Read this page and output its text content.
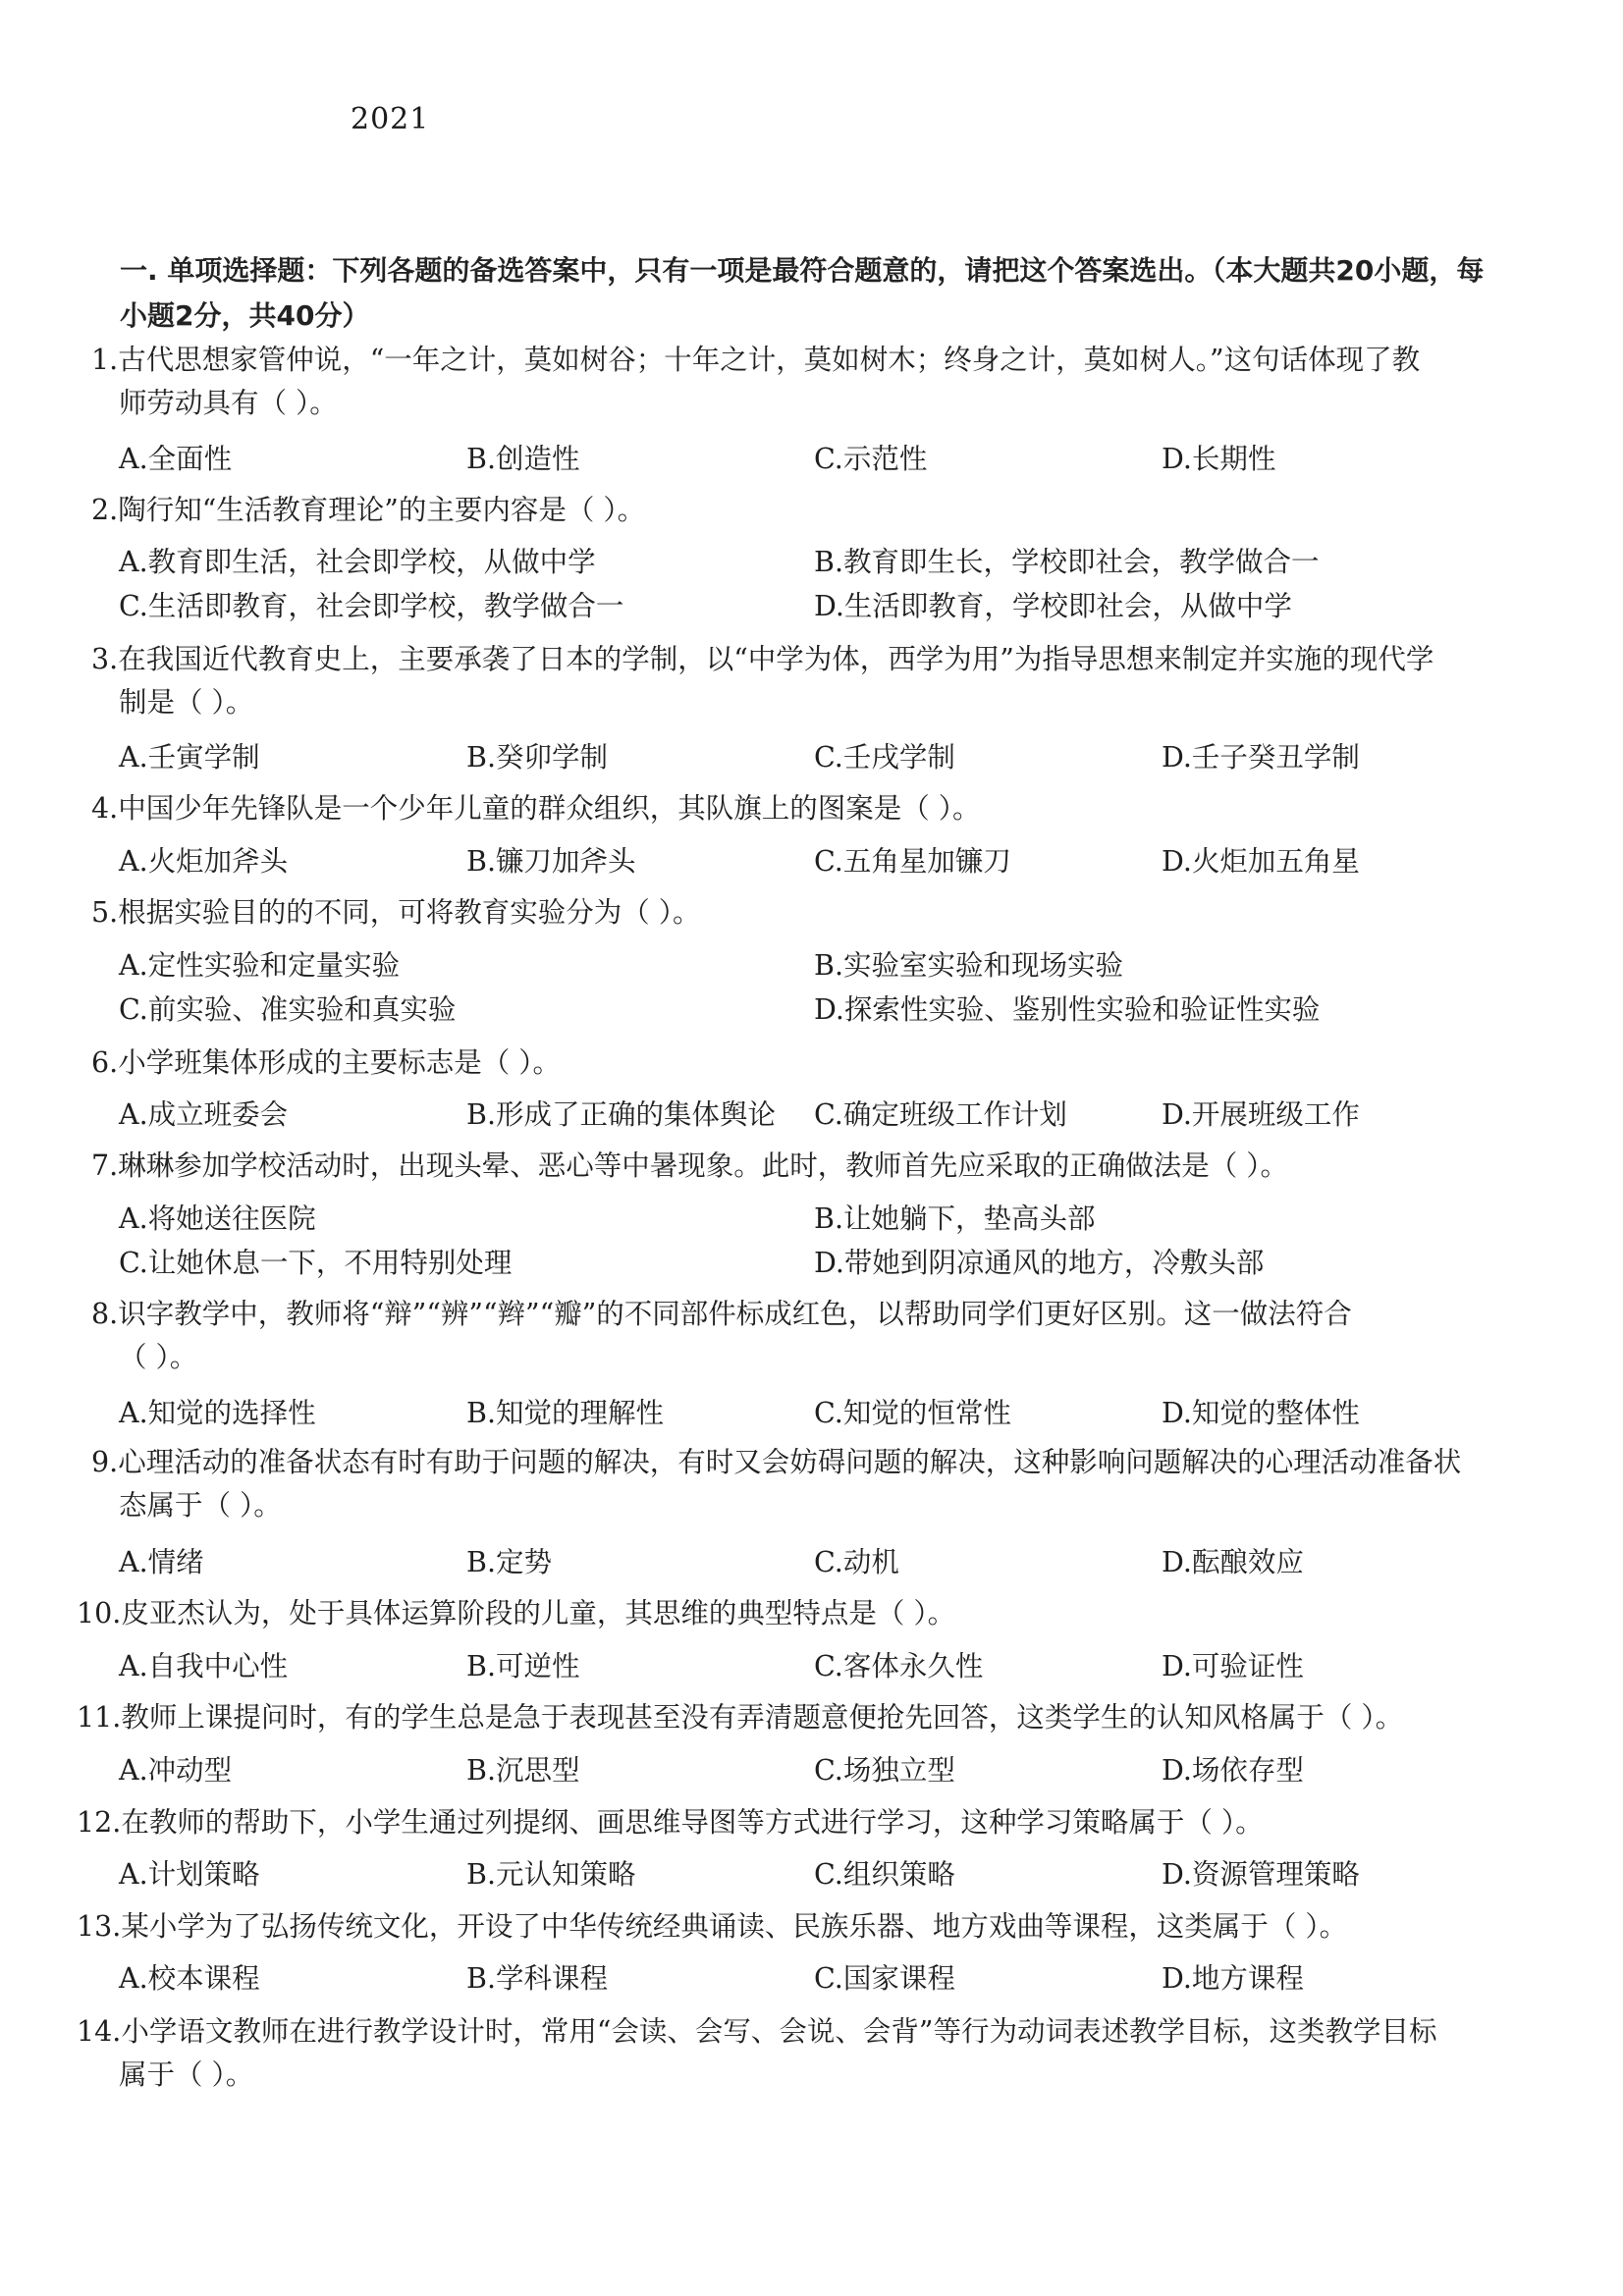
2021
一. 单项选择题：下列各题的备选答案中，只有一项是最符合题意的，请把这个答案选出。（本大题共20小题，每小题2分，共40分）
1.古代思想家管仲说，“一年之计，莫如树谷；十年之计，莫如树木；终身之计，莫如树人。”这句话体现了教
师劳动具有（ ）。
A.全面性	B.创造性	C.示范性	D.长期性
2.陶行知“生活教育理论”的主要内容是（ ）。
A.教育即生活，社会即学校，从做中学	B.教育即生长，学校即社会，教学做合一
C.生活即教育，社会即学校，教学做合一	D.生活即教育，学校即社会，从做中学
3.在我国近代教育史上，主要承袭了日本的学制，以“中学为体，西学为用”为指导思想来制定并实施的现代学
制是（ ）。
A.壬寅学制	B.癸卯学制	C.壬戌学制	D.壬子癸丑学制
4.中国少年先锋队是一个少年儿童的群众组织，其队旗上的图案是（ ）。
A.火炬加斧头	B.镰刀加斧头	C.五角星加镰刀	D.火炬加五角星
5.根据实验目的的不同，可将教育实验分为（ ）。
A.定性实验和定量实验	B.实验室实验和现场实验
C.前实验、准实验和真实验	D.探索性实验、鉴别性实验和验证性实验
6.小学班集体形成的主要标志是（ ）。
A.成立班委会	B.形成了正确的集体舆论 C.确定班级工作计划	D.开展班级工作
7.琳琳参加学校活动时，出现头晕、恶心等中暑现象。此时，教师首先应采取的正确做法是（ ）。
A.将她送往医院	B.让她躺下，垫高头部
C.让她休息一下，不用特别处理	D.带她到阴凉通风的地方，冷敷头部
8.识字教学中，教师将“辩”“辨”“辫”“瓣”的不同部件标成红色，以帮助同学们更好区别。这一做法符合
（ ）。
A.知觉的选择性	B.知觉的理解性	C.知觉的恒常性	D.知觉的整体性
9.心理活动的准备状态有时有助于问题的解决，有时又会妨碍问题的解决，这种影响问题解决的心理活动准备状
态属于（ ）。
A.情绪	B.定势	C.动机	D.酝酿效应
10.皮亚杰认为，处于具体运算阶段的儿童，其思维的典型特点是（ ）。
A.自我中心性	B.可逆性	C.客体永久性	D.可验证性
11.教师上课提问时，有的学生总是急于表现甚至没有弄清题意便抢先回答，这类学生的认知风格属于（ ）。
A.冲动型	B.沉思型	C.场独立型	D.场依存型
12.在教师的帮助下，小学生通过列提纲、画思维导图等方式进行学习，这种学习策略属于（ ）。
A.计划策略	B.元认知策略	C.组织策略	D.资源管理策略
13.某小学为了弘扬传统文化，开设了中华传统经典诵读、民族乐器、地方戏曲等课程，这类属于（ ）。
A.校本课程	B.学科课程	C.国家课程	D.地方课程
14.小学语文教师在进行教学设计时，常用“会读、会写、会说、会背”等行为动词表述教学目标，这类教学目标
属于（ ）。
